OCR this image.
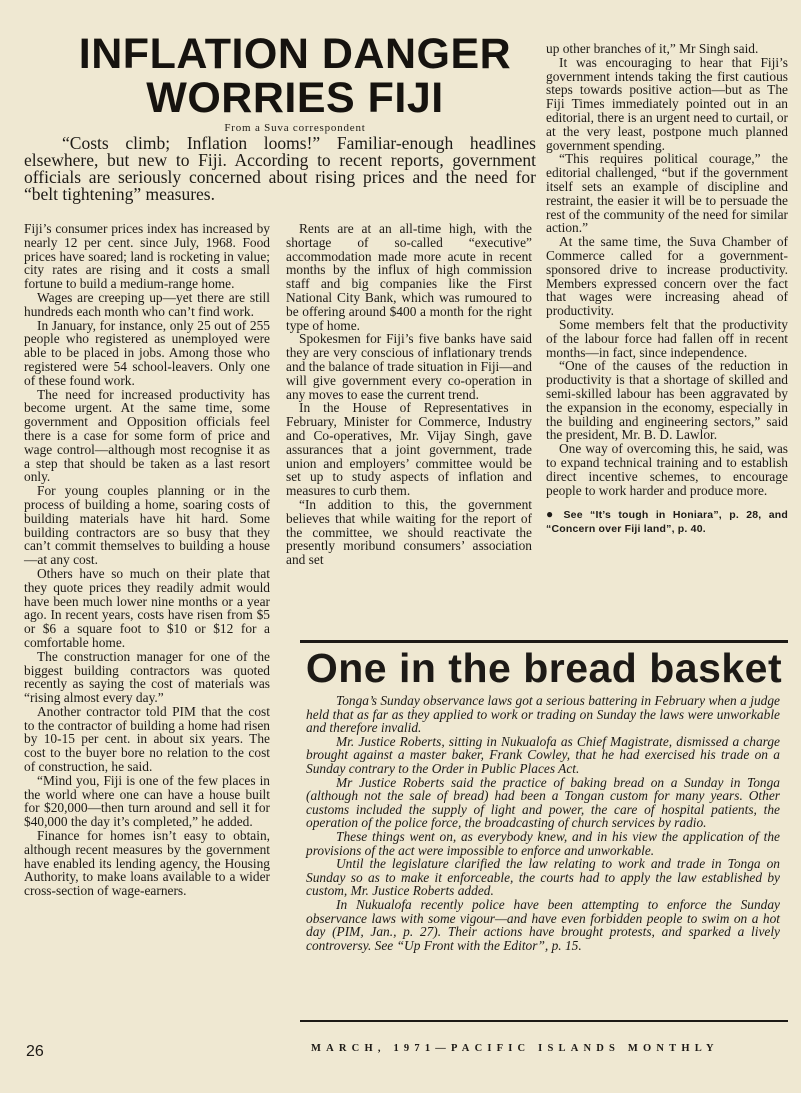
INFLATION DANGER
WORRIES FIJI
From a Suva correspondent

“Costs climb; Inflation looms!” Familiar-enough headlines elsewhere, but new to Fiji. According to recent reports, government officials are seriously concerned about rising prices and the need for “belt tightening” measures.

Fiji’s consumer prices index has increased by nearly 12 per cent. since July, 1968. Food prices have soared; land is rocketing in value; city rates are rising and it costs a small fortune to build a medium-range home.

Wages are creeping up—yet there are still hundreds each month who can’t find work.

In January, for instance, only 25 out of 255 people who registered as unemployed were able to be placed in jobs. Among those who registered were 54 school-leavers. Only one of these found work.

The need for increased productivity has become urgent. At the same time, some government and Opposition officials feel there is a case for some form of price and wage control—although most recognise it as a step that should be taken as a last resort only.

For young couples planning or in the process of building a home, soaring costs of building materials have hit hard. Some building contractors are so busy that they can’t commit themselves to building a house—at any cost.

Others have so much on their plate that they quote prices they readily admit would have been much lower nine months or a year ago. In recent years, costs have risen from $5 or $6 a square foot to $10 or $12 for a comfortable home.

The construction manager for one of the biggest building contractors was quoted recently as saying the cost of materials was “rising almost every day.”

Another contractor told PIM that the cost to the contractor of building a home had risen by 10-15 per cent. in about six years. The cost to the buyer bore no relation to the cost of construction, he said.

“Mind you, Fiji is one of the few places in the world where one can have a house built for $20,000—then turn around and sell it for $40,000 the day it’s completed,” he added.

Finance for homes isn’t easy to obtain, although recent measures by the government have enabled its lending agency, the Housing Authority, to make loans available to a wider cross-section of wage-earners.

Rents are at an all-time high, with the shortage of so-called “executive” accommodation made more acute in recent months by the influx of high commission staff and big companies like the First National City Bank, which was rumoured to be offering around $400 a month for the right type of home.

Spokesmen for Fiji’s five banks have said they are very conscious of inflationary trends and the balance of trade situation in Fiji—and will give government every co-operation in any moves to ease the current trend.

In the House of Representatives in February, Minister for Commerce, Industry and Co-operatives, Mr. Vijay Singh, gave assurances that a joint government, trade union and employers’ committee would be set up to study aspects of inflation and measures to curb them.

“In addition to this, the government believes that while waiting for the report of the committee, we should reactivate the presently moribund consumers’ association and set

up other branches of it,” Mr Singh said.

It was encouraging to hear that Fiji’s government intends taking the first cautious steps towards positive action—but as The Fiji Times immediately pointed out in an editorial, there is an urgent need to curtail, or at the very least, postpone much planned government spending.

“This requires political courage,” the editorial challenged, “but if the government itself sets an example of discipline and restraint, the easier it will be to persuade the rest of the community of the need for similar action.”

At the same time, the Suva Chamber of Commerce called for a government-sponsored drive to increase productivity. Members expressed concern over the fact that wages were increasing ahead of productivity.

Some members felt that the productivity of the labour force had fallen off in recent months—in fact, since independence.

“One of the causes of the reduction in productivity is that a shortage of skilled and semi-skilled labour has been aggravated by the expansion in the economy, especially in the building and engineering sectors,” said the president, Mr. B. D. Lawlor.

One way of overcoming this, he said, was to expand technical training and to establish direct incentive schemes, to encourage people to work harder and produce more.

● See “It’s tough in Honiara”, p. 28, and “Concern over Fiji land”, p. 40.

One in the bread basket

Tonga’s Sunday observance laws got a serious battering in February when a judge held that as far as they applied to work or trading on Sunday the laws were unworkable and therefore invalid.

Mr. Justice Roberts, sitting in Nukualofa as Chief Magistrate, dismissed a charge brought against a master baker, Frank Cowley, that he had exercised his trade on a Sunday contrary to the Order in Public Places Act.

Mr Justice Roberts said the practice of baking bread on a Sunday in Tonga (although not the sale of bread) had been a Tongan custom for many years. Other customs included the supply of light and power, the care of hospital patients, the operation of the police force, the broadcasting of church services by radio.

These things went on, as everybody knew, and in his view the application of the provisions of the act were impossible to enforce and unworkable.

Until the legislature clarified the law relating to work and trade in Tonga on Sunday so as to make it enforceable, the courts had to apply the law established by custom, Mr. Justice Roberts added.

In Nukualofa recently police have been attempting to enforce the Sunday observance laws with some vigour—and have even forbidden people to swim on a hot day (PIM, Jan., p. 27). Their actions have brought protests, and sparked a lively controversy. See “Up Front with the Editor”, p. 15.

26	MARCH, 1971—PACIFIC ISLANDS MONTHLY
